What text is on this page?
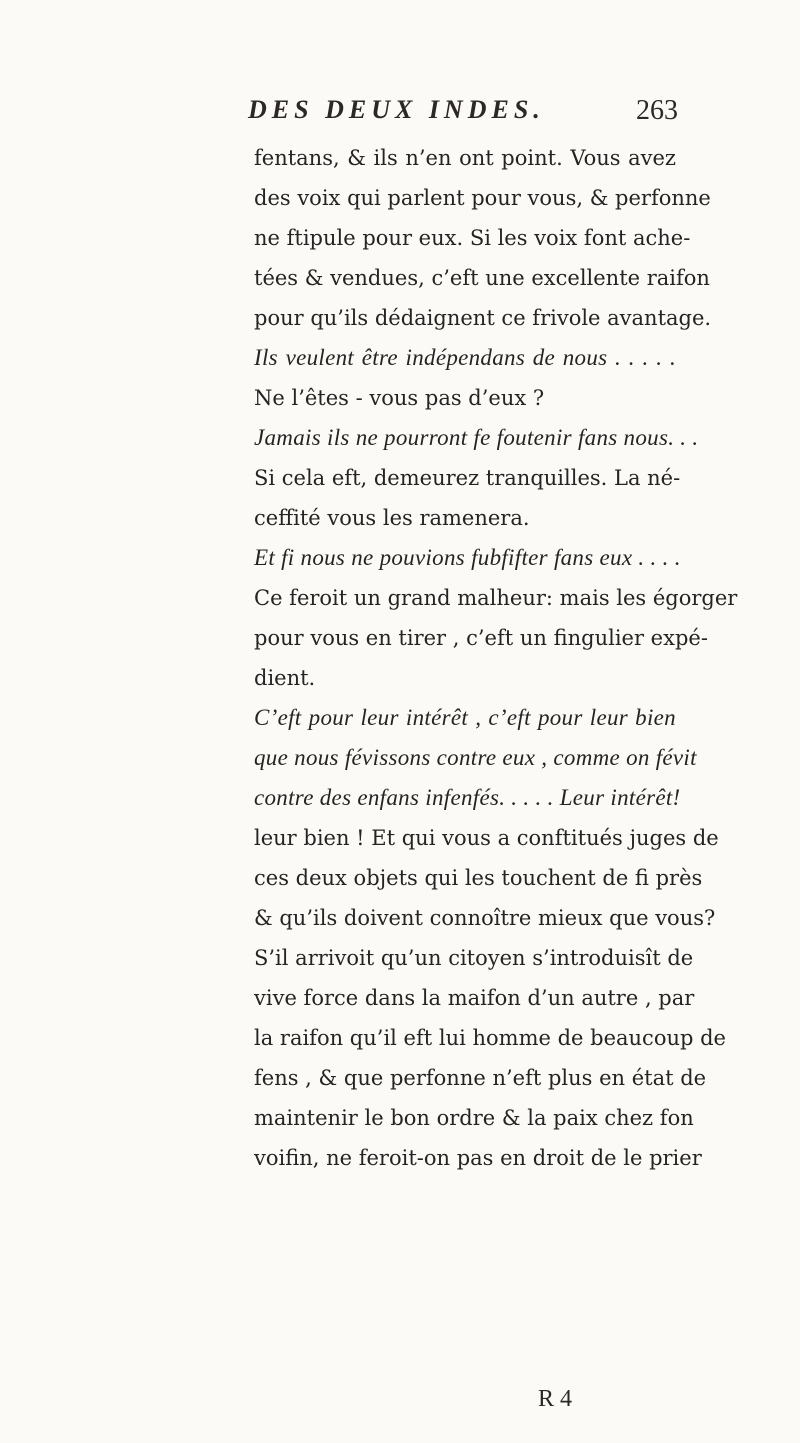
DES DEUX INDES.	263
fentans, & ils n’en ont point. Vous avez
des voix qui parlent pour vous, & perfonne
ne ftipule pour eux. Si les voix font ache-
tées & vendues, c’eft une excellente raifon
pour qu’ils dédaignent ce frivole avantage.
Ils veulent être indépendans de nous . . . . .
Ne l’êtes - vous pas d’eux ?
Jamais ils ne pourront fe foutenir fans nous. . .
Si cela eft, demeurez tranquilles. La né-
ceffité vous les ramenera.
Et fi nous ne pouvions fubfifter fans eux . . . .
Ce feroit un grand malheur: mais les égorger
pour vous en tirer , c’eft un fingulier expé-
dient.
C’eft pour leur intérêt , c’eft pour leur bien
que nous févissons contre eux , comme on févit
contre des enfans infenfés. . . . . Leur intérêt!
leur bien ! Et qui vous a conftitués juges de
ces deux objets qui les touchent de fi près
& qu’ils doivent connoître mieux que vous?
S’il arrivoit qu’un citoyen s’introduisît de
vive force dans la maifon d’un autre , par
la raifon qu’il eft lui homme de beaucoup de
fens , & que perfonne n’eft plus en état de
maintenir le bon ordre & la paix chez fon
voifin, ne feroit-on pas en droit de le prier
R 4
